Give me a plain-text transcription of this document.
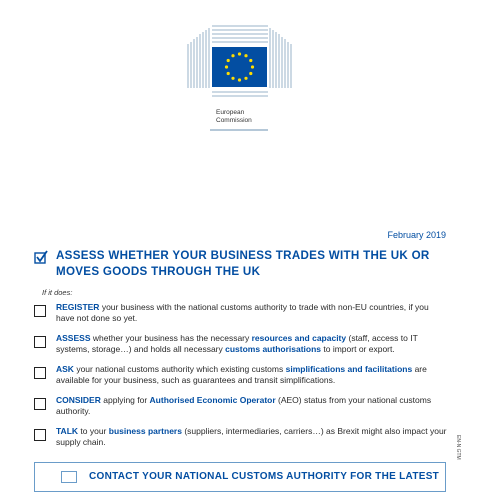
European
Commission
February 2019
ASSESS WHETHER YOUR BUSINESS TRADES WITH THE UK OR MOVES GOODS THROUGH THE UK
If it does:

REGISTER your business with the national customs authority to trade with non-EU countries, if you have not done so yet.

ASSESS whether your business has the necessary resources and capacity (staff, access to IT systems, storage…) and holds all necessary customs authorisations to import or export.

ASK your national customs authority which existing customs simplifications and facilitations are available for your business, such as guarantees and transit simplifications.

CONSIDER applying for Authorised Economic Operator (AEO) status from your national customs authority.

TALK to your business partners (suppliers, intermediaries, carriers…) as Brexit might also impact your supply chain.

CONTACT YOUR NATIONAL CUSTOMS AUTHORITY FOR THE LATEST
EN-N GTM
